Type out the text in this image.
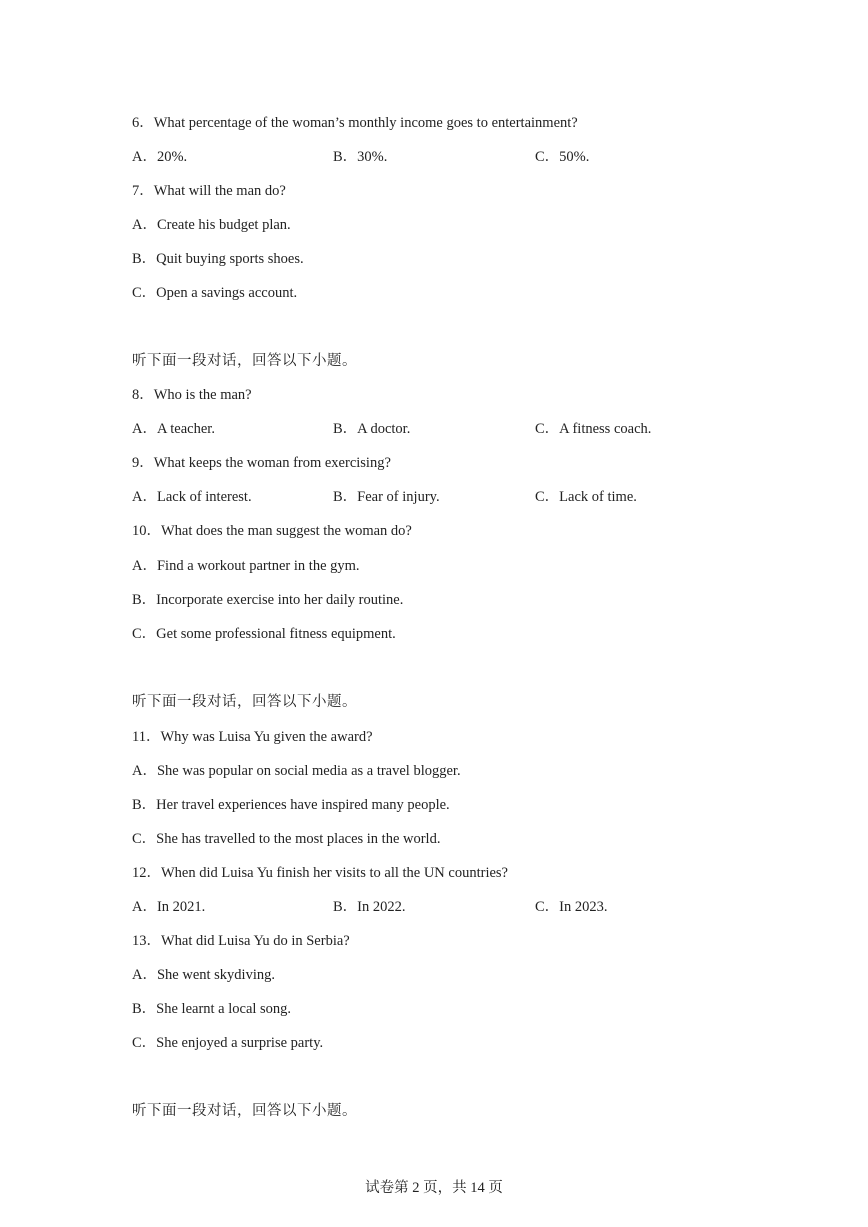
6．What percentage of the woman’s monthly income goes to entertainment?
A．20%.	B．30%.	C．50%.
7．What will the man do?
A．Create his budget plan.
B．Quit buying sports shoes.
C．Open a savings account.
听下面一段对话，回答以下小题。
8．Who is the man?
A．A teacher.	B．A doctor.	C．A fitness coach.
9．What keeps the woman from exercising?
A．Lack of interest.	B．Fear of injury.	C．Lack of time.
10．What does the man suggest the woman do?
A．Find a workout partner in the gym.
B．Incorporate exercise into her daily routine.
C．Get some professional fitness equipment.
听下面一段对话，回答以下小题。
11．Why was Luisa Yu given the award?
A．She was popular on social media as a travel blogger.
B．Her travel experiences have inspired many people.
C．She has travelled to the most places in the world.
12．When did Luisa Yu finish her visits to all the UN countries?
A．In 2021.	B．In 2022.	C．In 2023.
13．What did Luisa Yu do in Serbia?
A．She went skydiving.
B．She learnt a local song.
C．She enjoyed a surprise party.
听下面一段对话，回答以下小题。
试卷第 2 页，共 14 页
